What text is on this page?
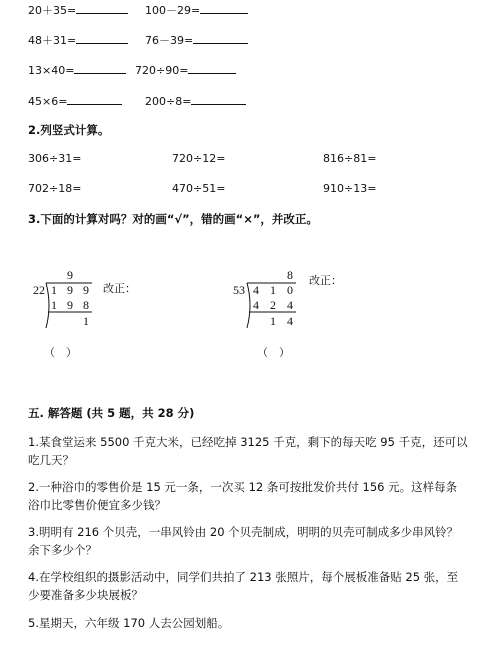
20＋35=	100－29=
48＋31=	76－39=
13×40=	720÷90=
45×6=	200÷8=
2.列竖式计算。
306÷31=	720÷12=	816÷81=
702÷18=	470÷51=	910÷13=
3.下面的计算对吗？对的画“√”，错的画“×”，并改正。
9
22 1 9 9
1 9 8
1
改正：
（　）
8
53 4 1 0
4 2 4
1 4
改正：
（　）
五. 解答题 (共 5 题，共 28 分)
1.某食堂运来 5500 千克大米，已经吃掉 3125 千克，剩下的每天吃 95 千克，还可以吃几天？
2.一种浴巾的零售价是 15 元一条，一次买 12 条可按批发价共付 156 元。这样每条浴巾比零售价便宜多少钱？
3.明明有 216 个贝壳，一串风铃由 20 个贝壳制成，明明的贝壳可制成多少串风铃？余下多少个？
4.在学校组织的摄影活动中，同学们共拍了 213 张照片，每个展板准备贴 25 张，至少要准备多少块展板？
5.星期天，六年级 170 人去公园划船。
